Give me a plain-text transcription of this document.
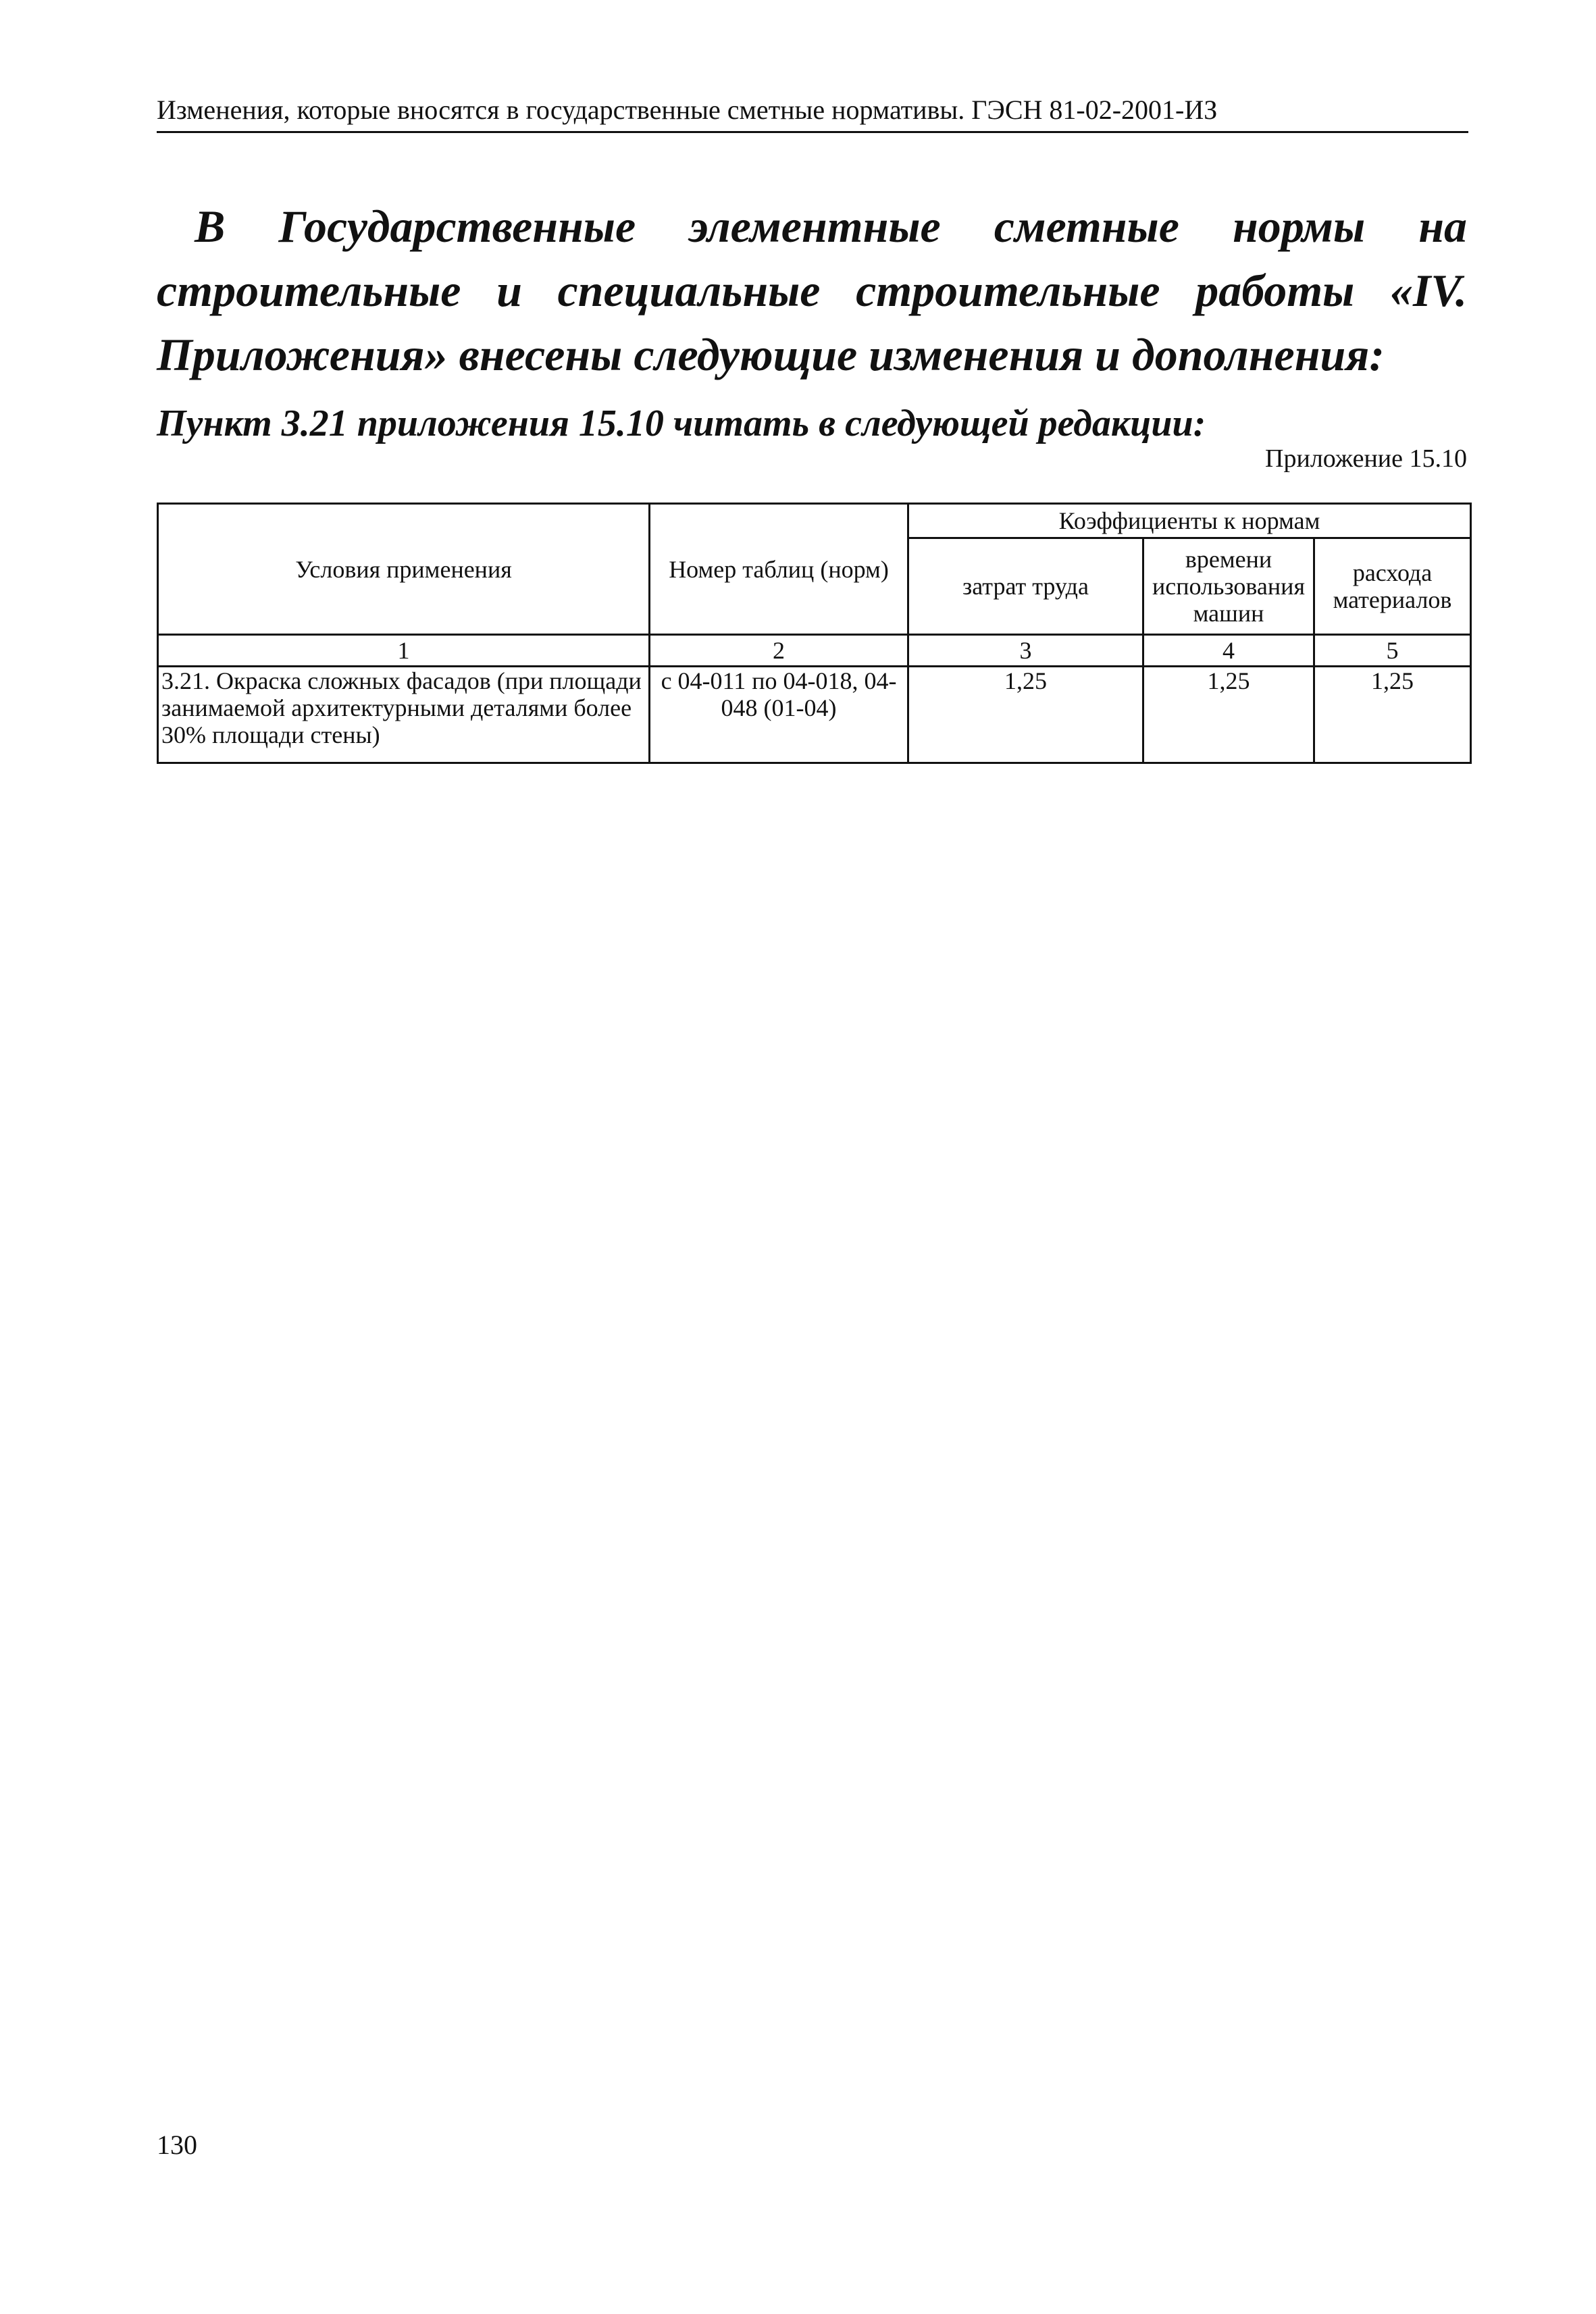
Изменения, которые вносятся в государственные сметные нормативы. ГЭСН 81-02-2001-ИЗ

В Государственные элементные сметные нормы на строительные и специальные строительные работы «IV. Приложения» внесены следующие изменения и дополнения:

Пункт 3.21 приложения 15.10 читать в следующей редакции:

Приложение 15.10
Условия применения	Номер таблиц (норм)	Коэффициенты к нормам		
		затрат труда	времени использования машин	расхода материалов
1	2	3	4	5
3.21. Окраска сложных фасадов (при площади занимаемой архитектурными деталями более 30% площади стены)	с 04-011 по 04-018, 04-048 (01-04)	1,25	1,25	1,25
130
